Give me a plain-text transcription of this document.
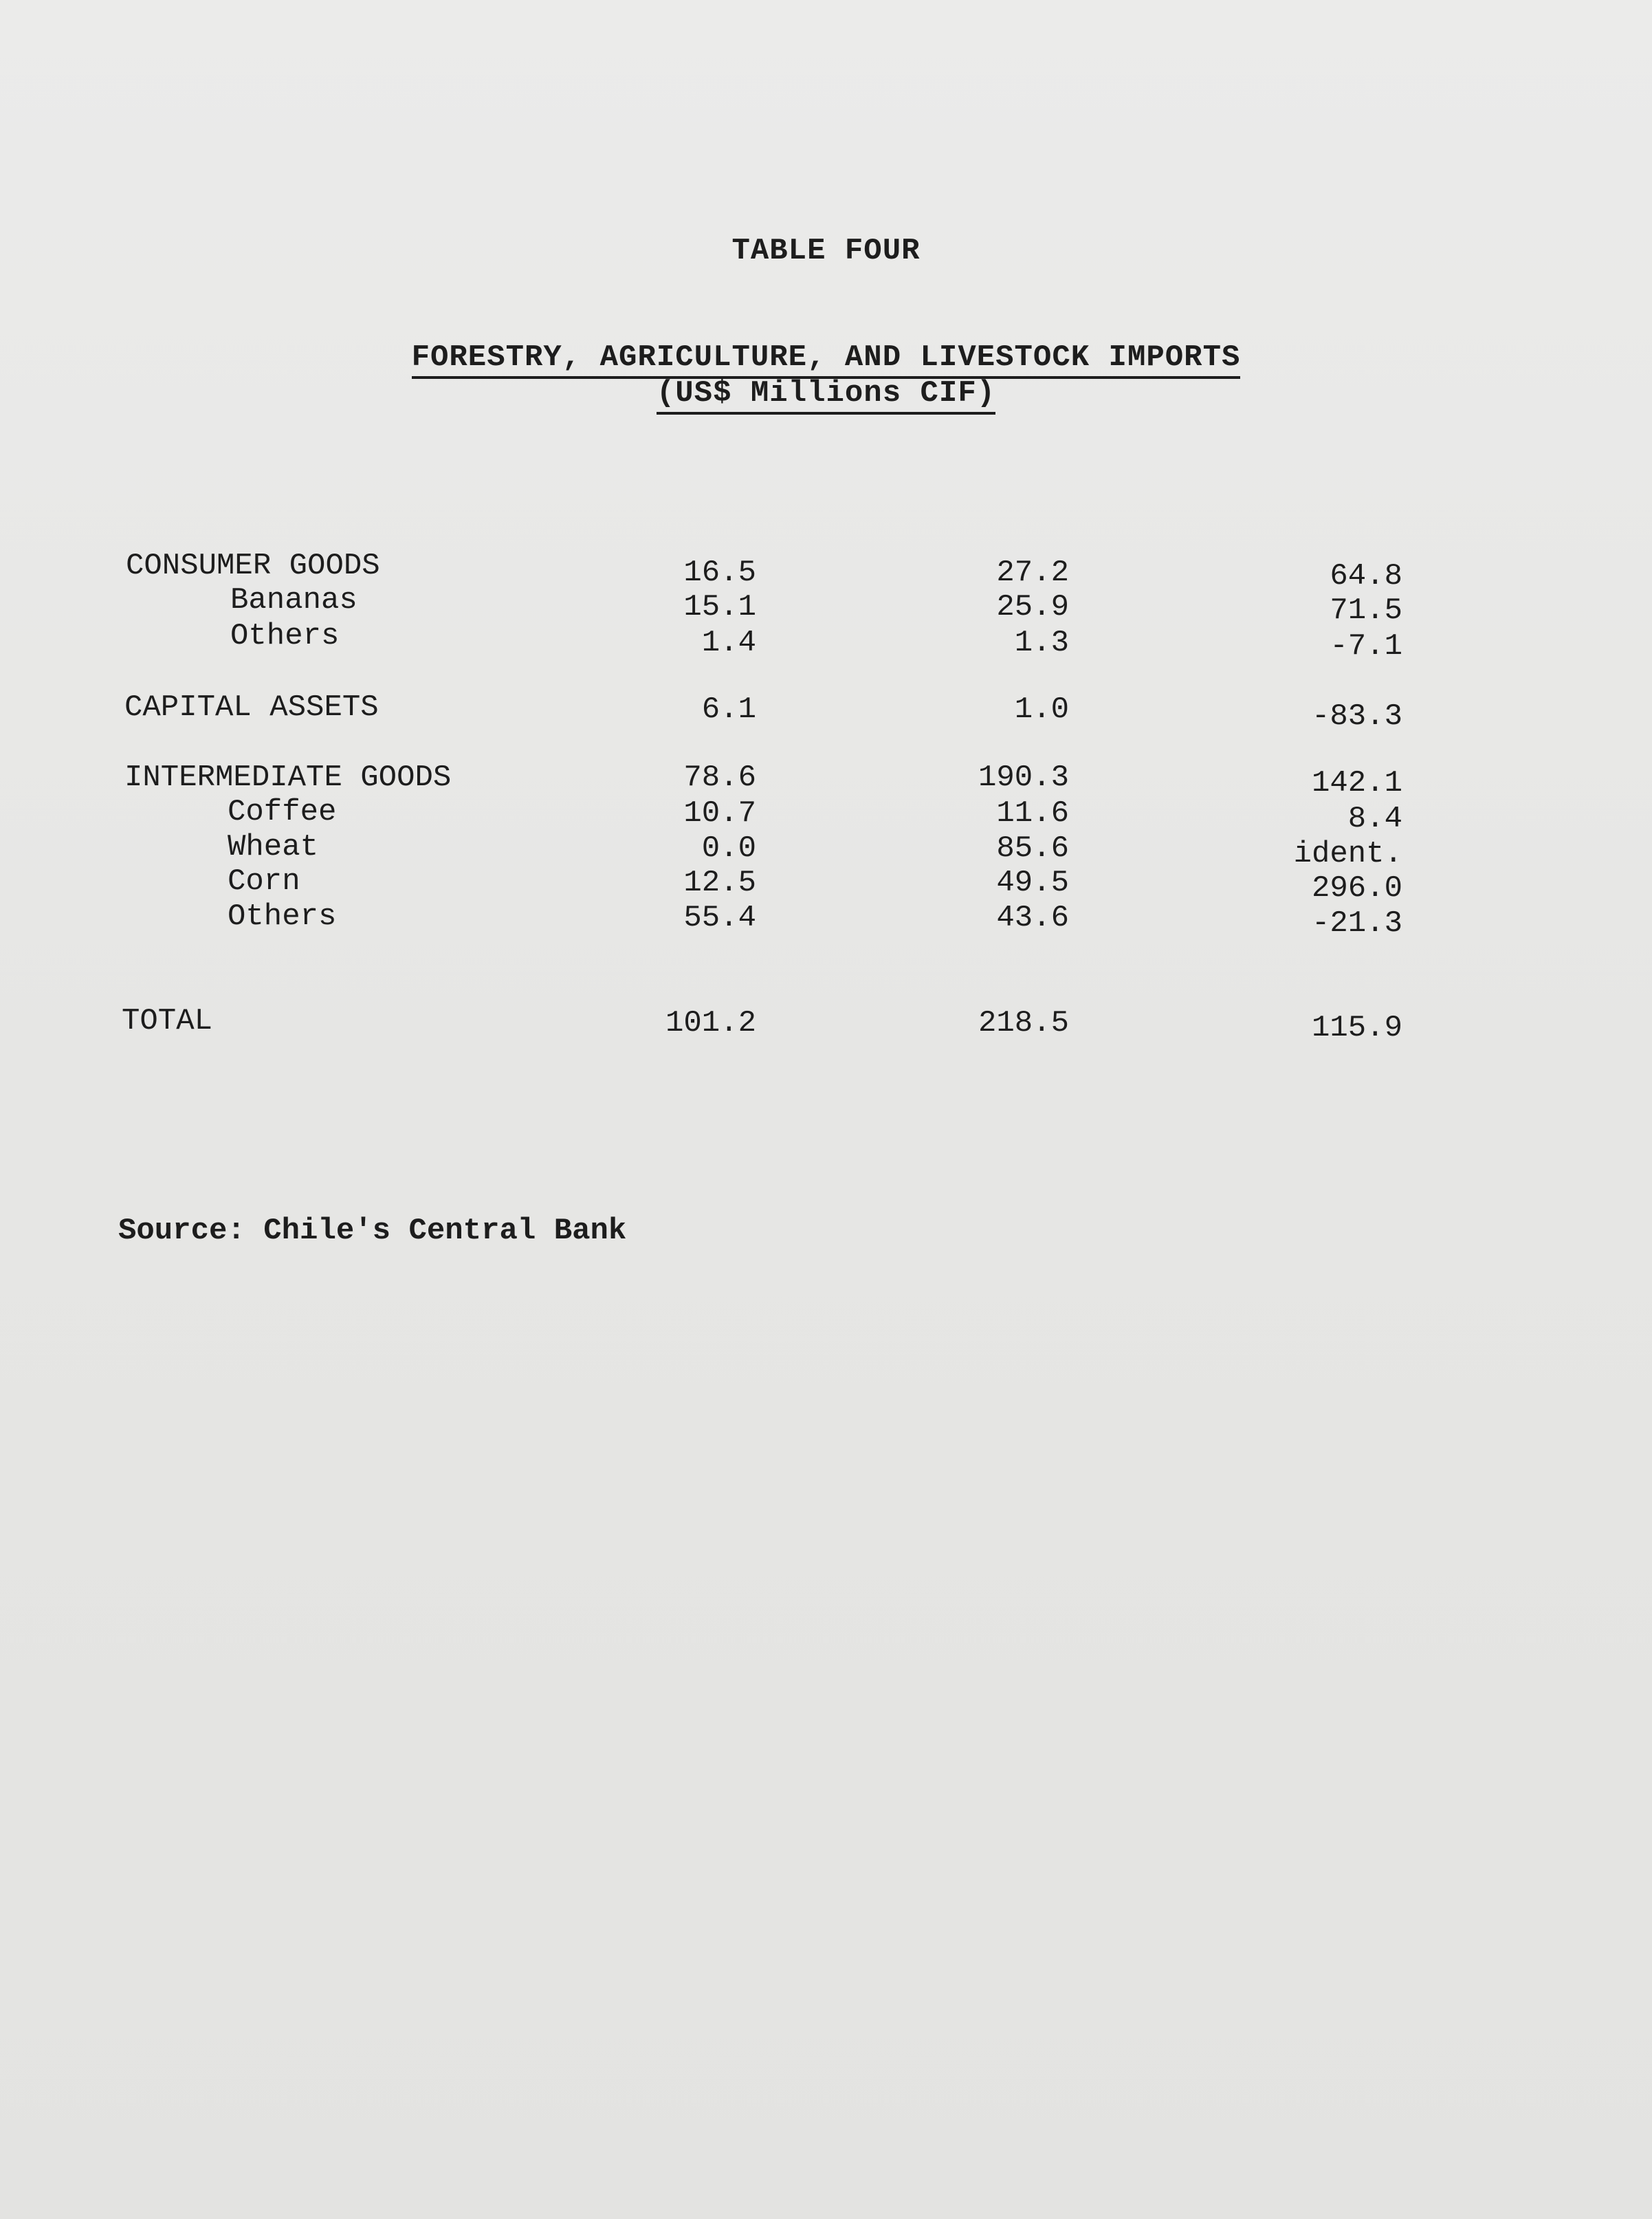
TABLE FOUR
FORESTRY, AGRICULTURE, AND LIVESTOCK IMPORTS
(US$ Millions CIF)
CONSUMER GOODS	16.5	27.2	64.8
Bananas	15.1	25.9	71.5
Others	1.4	1.3	-7.1
CAPITAL ASSETS	6.1	1.0	-83.3
INTERMEDIATE GOODS	78.6	190.3	142.1
Coffee	10.7	11.6	8.4
Wheat	0.0	85.6	ident.
Corn	12.5	49.5	296.0
Others	55.4	43.6	-21.3
TOTAL	101.2	218.5	115.9
Source: Chile's Central Bank
